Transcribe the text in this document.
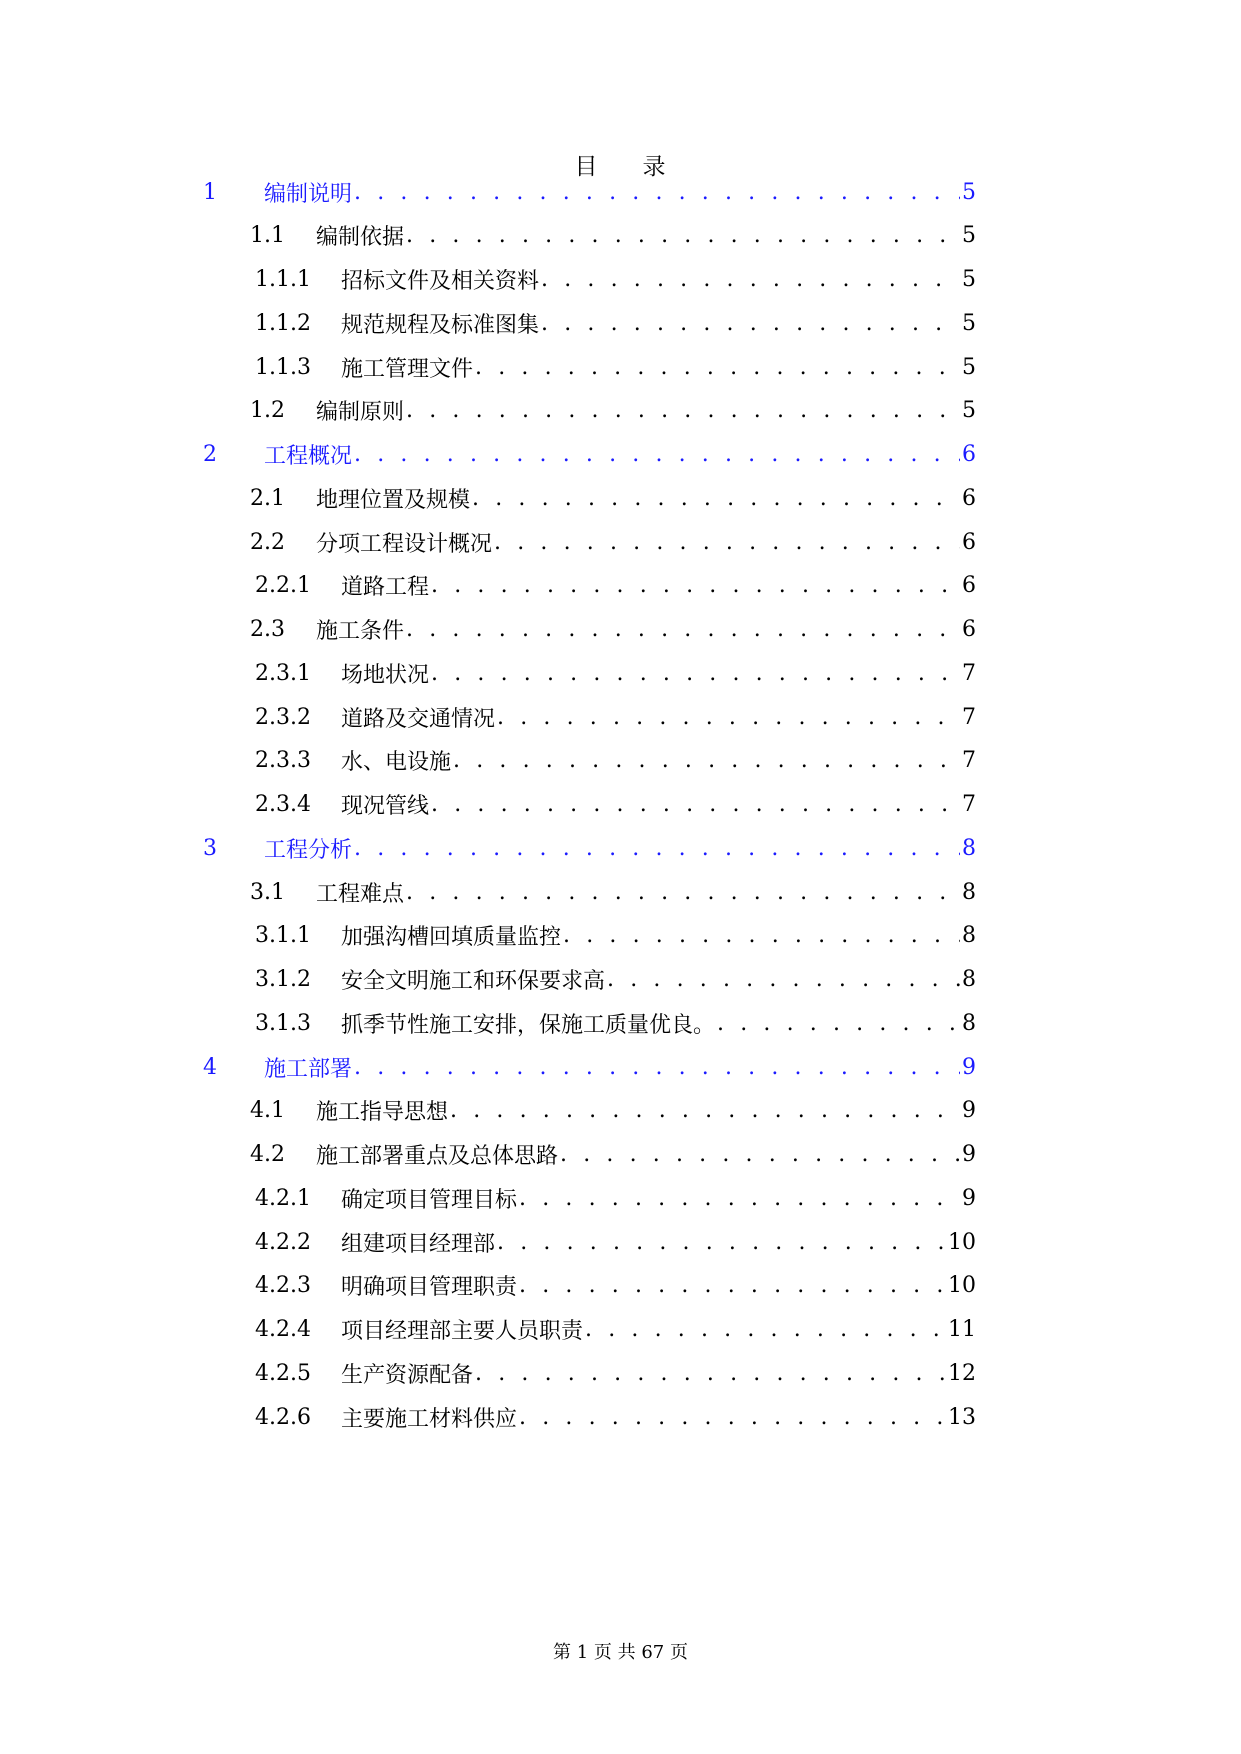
目 录
1	编制说明 . . .	5
1.1	编制依据 . . .	5
1.1.1	招标文件及相关资料 . . .	5
1.1.2	规范规程及标准图集 . . .	5
1.1.3	施工管理文件 . . .	5
1.2	编制原则 . . .	5
2	工程概况 . . .	6
2.1	地理位置及规模 . . .	6
2.2	分项工程设计概况 . . .	6
2.2.1	道路工程 . . .	6
2.3	施工条件 . . .	6
2.3.1	场地状况 . . .	7
2.3.2	道路及交通情况 . . .	7
2.3.3	水、电设施 . . .	7
2.3.4	现况管线 . . .	7
3	工程分析 . . .	8
3.1	工程难点 . . .	8
3.1.1	加强沟槽回填质量监控 . . .	8
3.1.2	安全文明施工和环保要求高 . . .	8
3.1.3	抓季节性施工安排，保施工质量优良。 . . .	8
4	施工部署 . . .	9
4.1	施工指导思想 . . .	9
4.2	施工部署重点及总体思路 . . .	9
4.2.1	确定项目管理目标 . . .	9
4.2.2	组建项目经理部 . . .	10
4.2.3	明确项目管理职责 . . .	10
4.2.4	项目经理部主要人员职责 . . .	11
4.2.5	生产资源配备 . . .	12
4.2.6	主要施工材料供应 . . .	13
第 1 页 共 67 页
